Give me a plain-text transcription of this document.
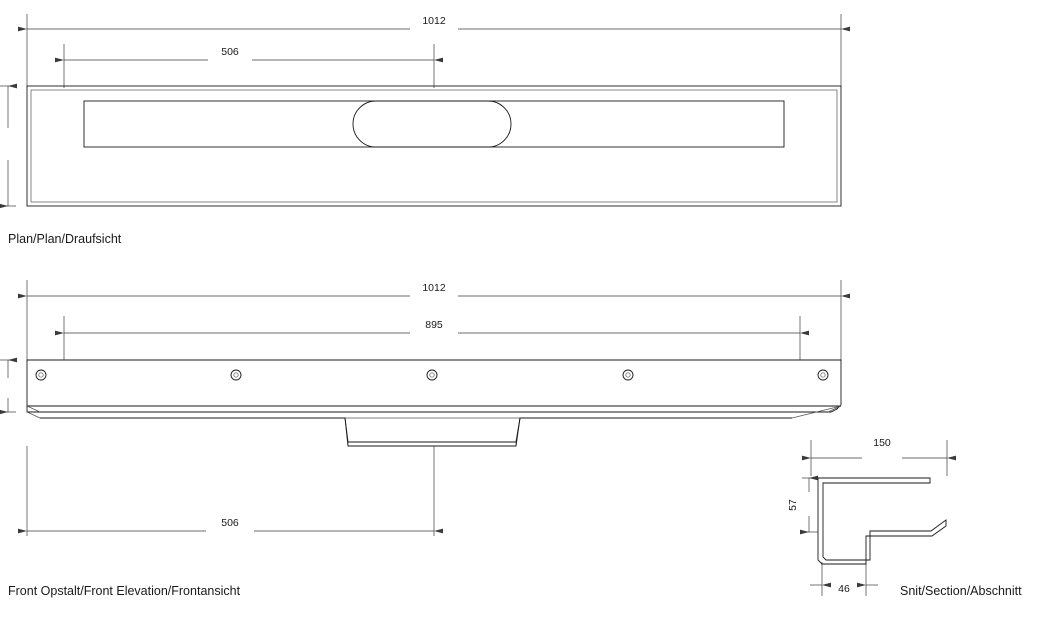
1012
506
Plan/Plan/Draufsicht
1012
895
506
Front Opstalt/Front Elevation/Frontansicht
150
57
46	Snit/Section/Abschnitt
